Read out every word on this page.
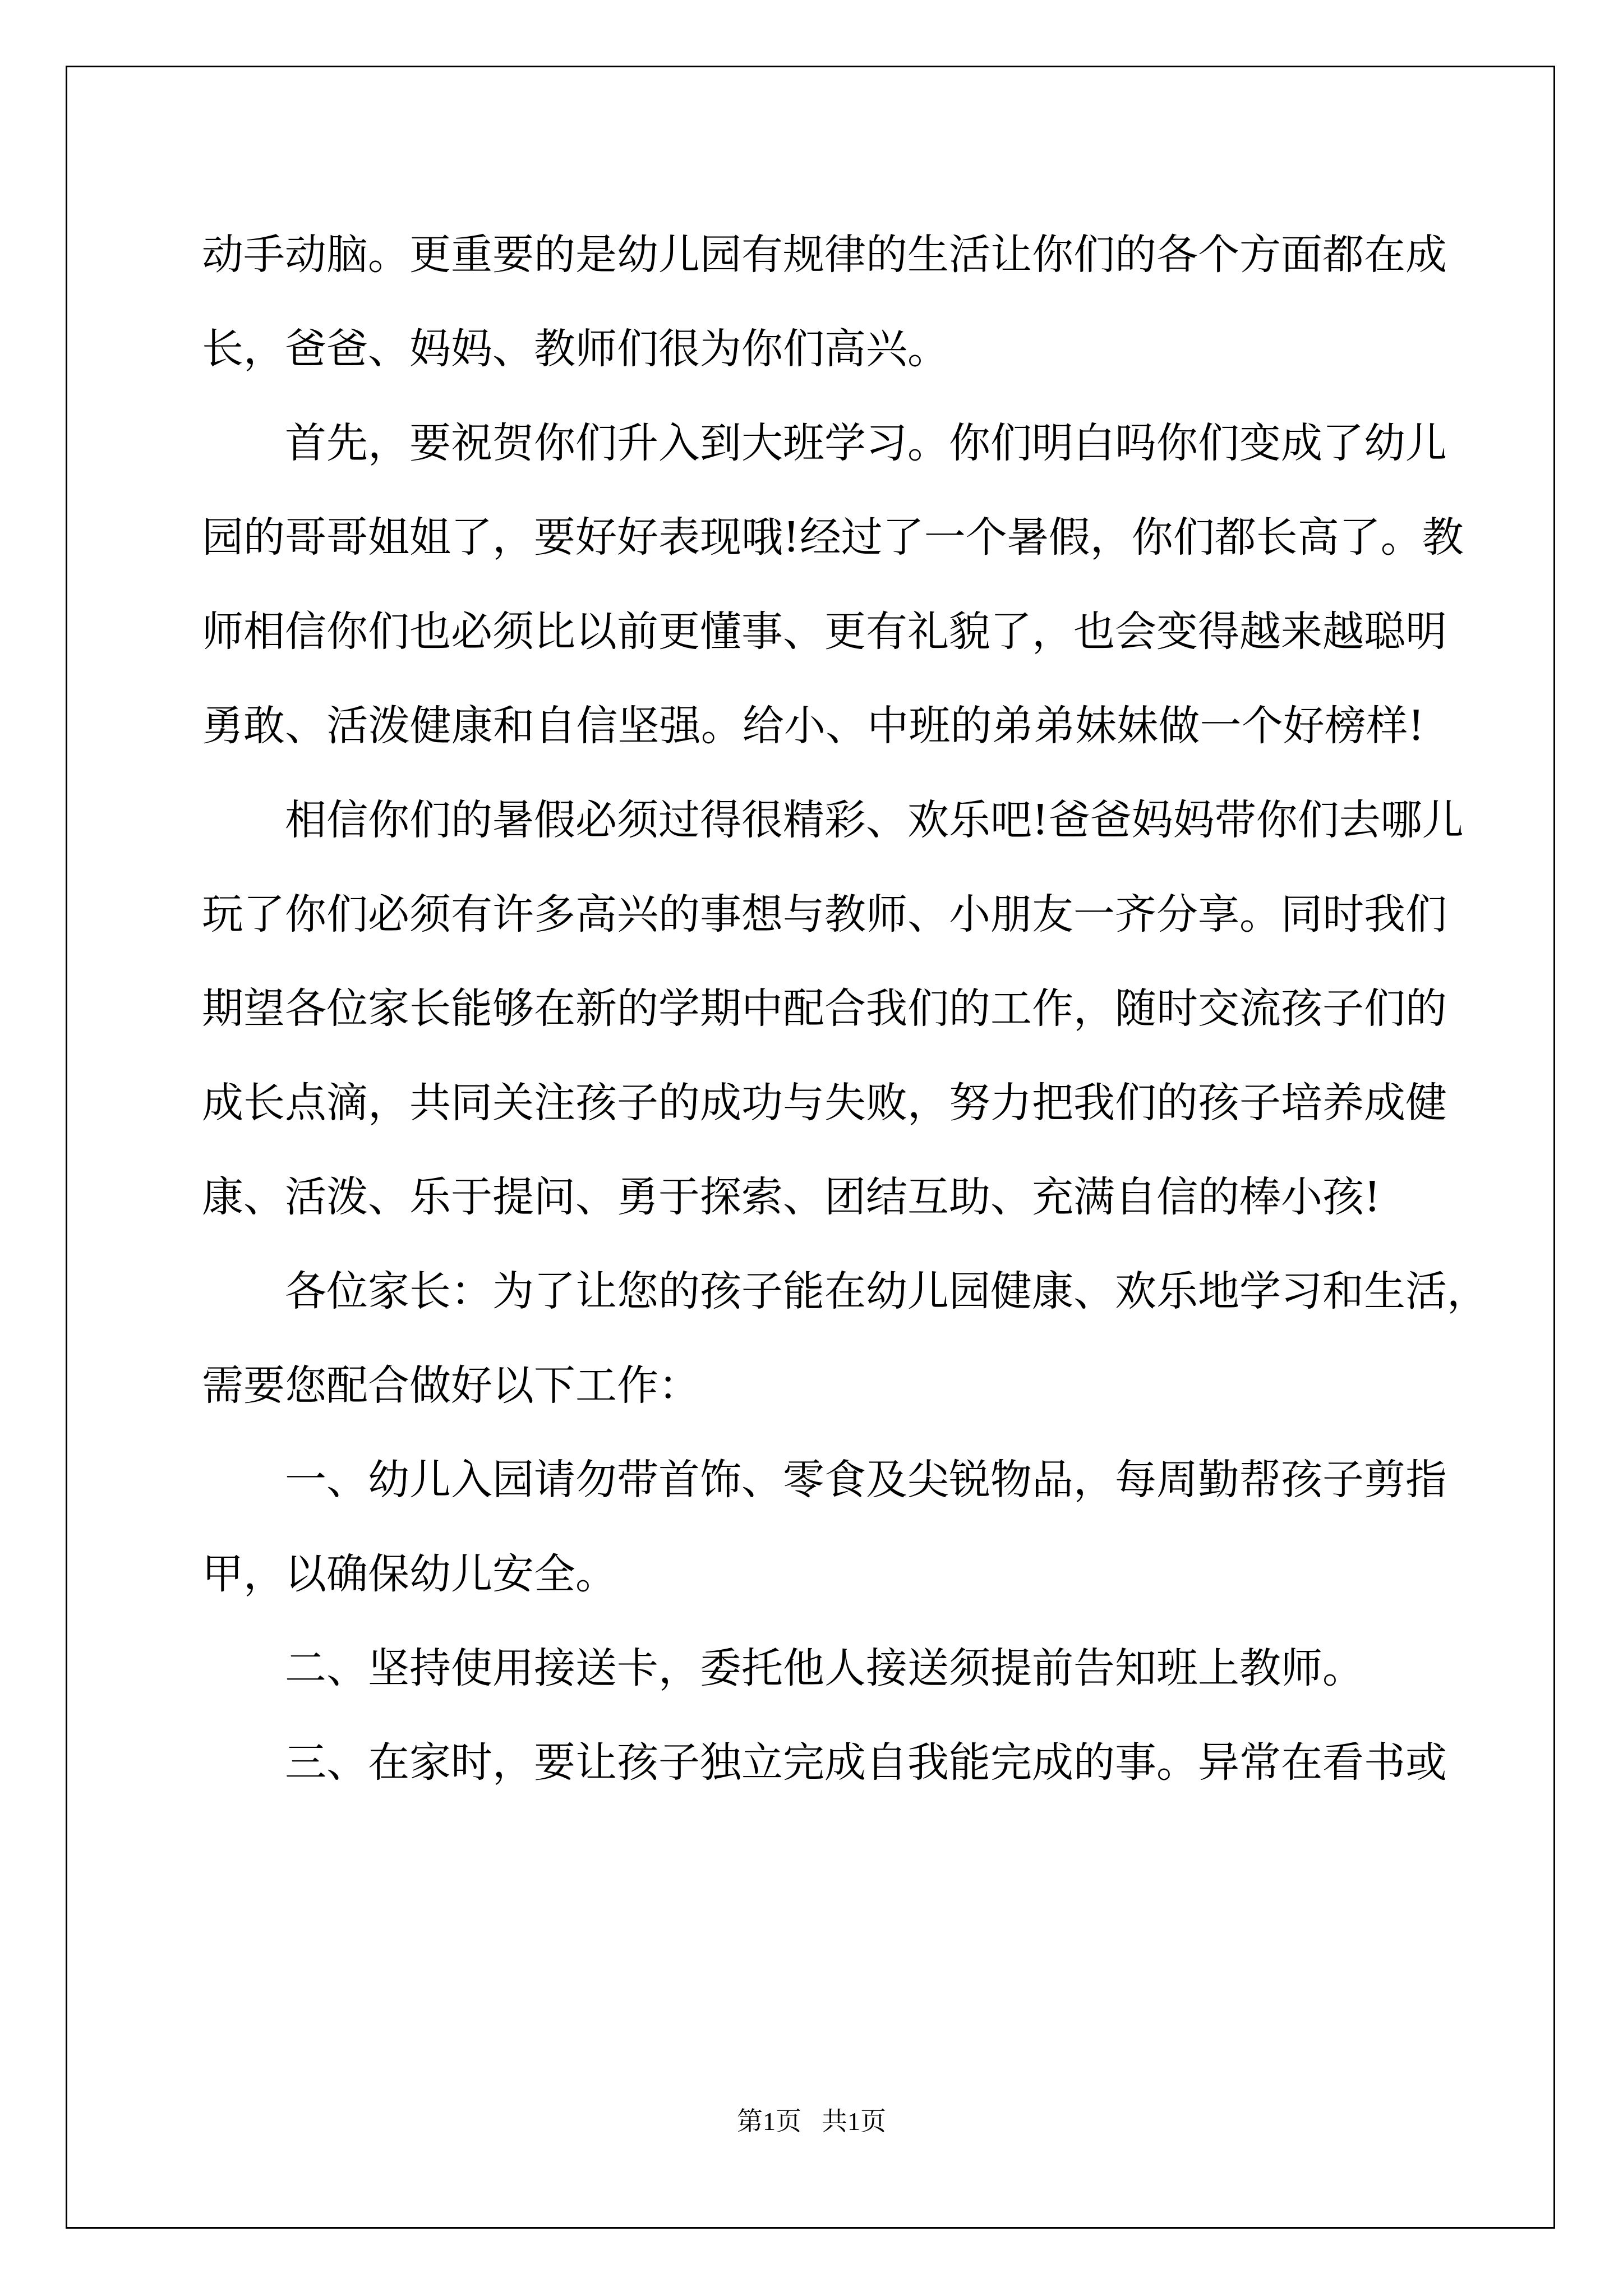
动手动脑。更重要的是幼儿园有规律的生活让你们的各个方面都在成
长，爸爸、妈妈、教师们很为你们高兴。
首先，要祝贺你们升入到大班学习。你们明白吗你们变成了幼儿
园的哥哥姐姐了，要好好表现哦!经过了一个暑假，你们都长高了。教
师相信你们也必须比以前更懂事、更有礼貌了，也会变得越来越聪明
勇敢、活泼健康和自信坚强。给小、中班的弟弟妹妹做一个好榜样!
相信你们的暑假必须过得很精彩、欢乐吧!爸爸妈妈带你们去哪儿
玩了你们必须有许多高兴的事想与教师、小朋友一齐分享。同时我们
期望各位家长能够在新的学期中配合我们的工作，随时交流孩子们的
成长点滴，共同关注孩子的成功与失败，努力把我们的孩子培养成健
康、活泼、乐于提问、勇于探索、团结互助、充满自信的棒小孩!
各位家长：为了让您的孩子能在幼儿园健康、欢乐地学习和生活，
需要您配合做好以下工作：
一、幼儿入园请勿带首饰、零食及尖锐物品，每周勤帮孩子剪指
甲，以确保幼儿安全。
二、坚持使用接送卡，委托他人接送须提前告知班上教师。
三、在家时，要让孩子独立完成自我能完成的事。异常在看书或
第1页 共1页
